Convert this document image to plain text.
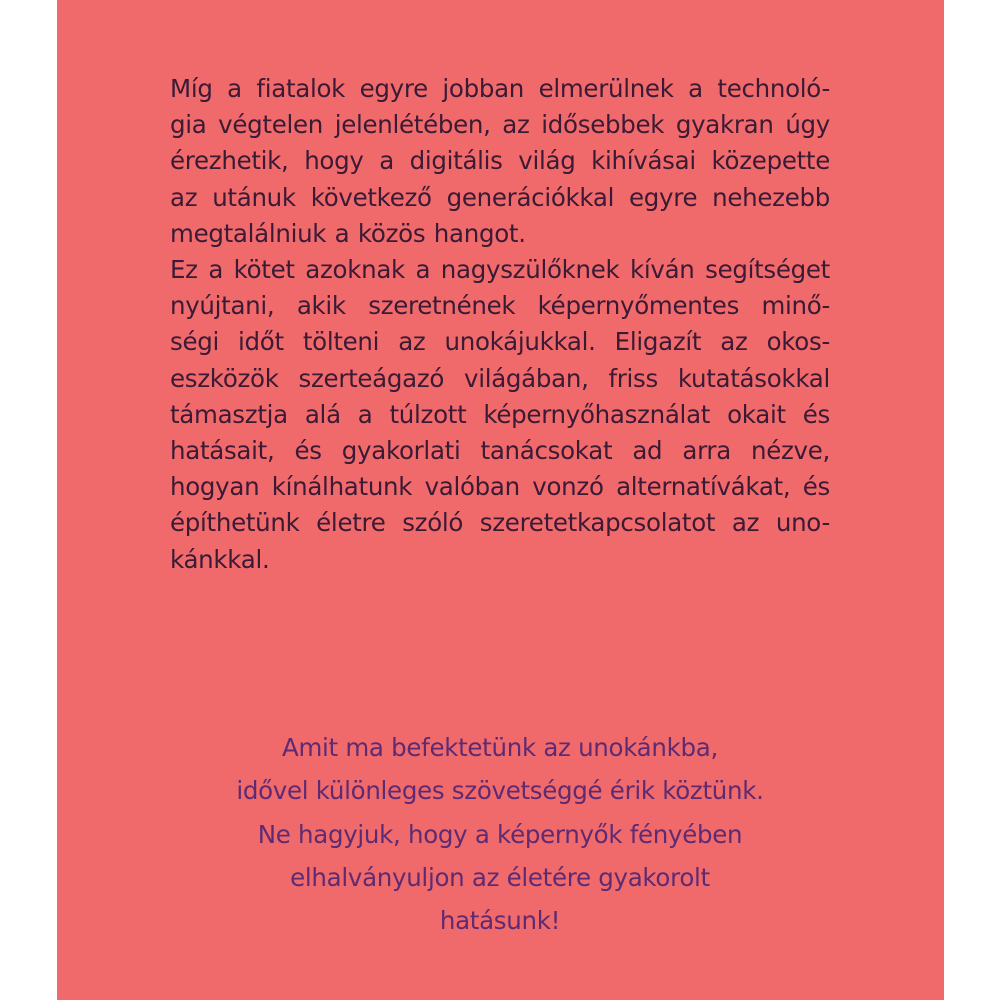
Míg a fiatalok egyre jobban elmerülnek a technoló-
gia végtelen jelenlétében, az idősebbek gyakran úgy
érezhetik, hogy a digitális világ kihívásai közepette
az utánuk következő generációkkal egyre nehezebb
megtalálniuk a közös hangot.
Ez a kötet azoknak a nagyszülőknek kíván segítséget
nyújtani, akik szeretnének képernyőmentes minő-
ségi időt tölteni az unokájukkal. Eligazít az okos-
eszközök szerteágazó világában, friss kutatásokkal
támasztja alá a túlzott képernyőhasználat okait és
hatásait, és gyakorlati tanácsokat ad arra nézve,
hogyan kínálhatunk valóban vonzó alternatívákat, és
építhetünk életre szóló szeretetkapcsolatot az uno-
kánkkal.
Amit ma befektetünk az unokánkba,
idővel különleges szövetséggé érik köztünk.
Ne hagyjuk, hogy a képernyők fényében
elhalványuljon az életére gyakorolt
hatásunk!
